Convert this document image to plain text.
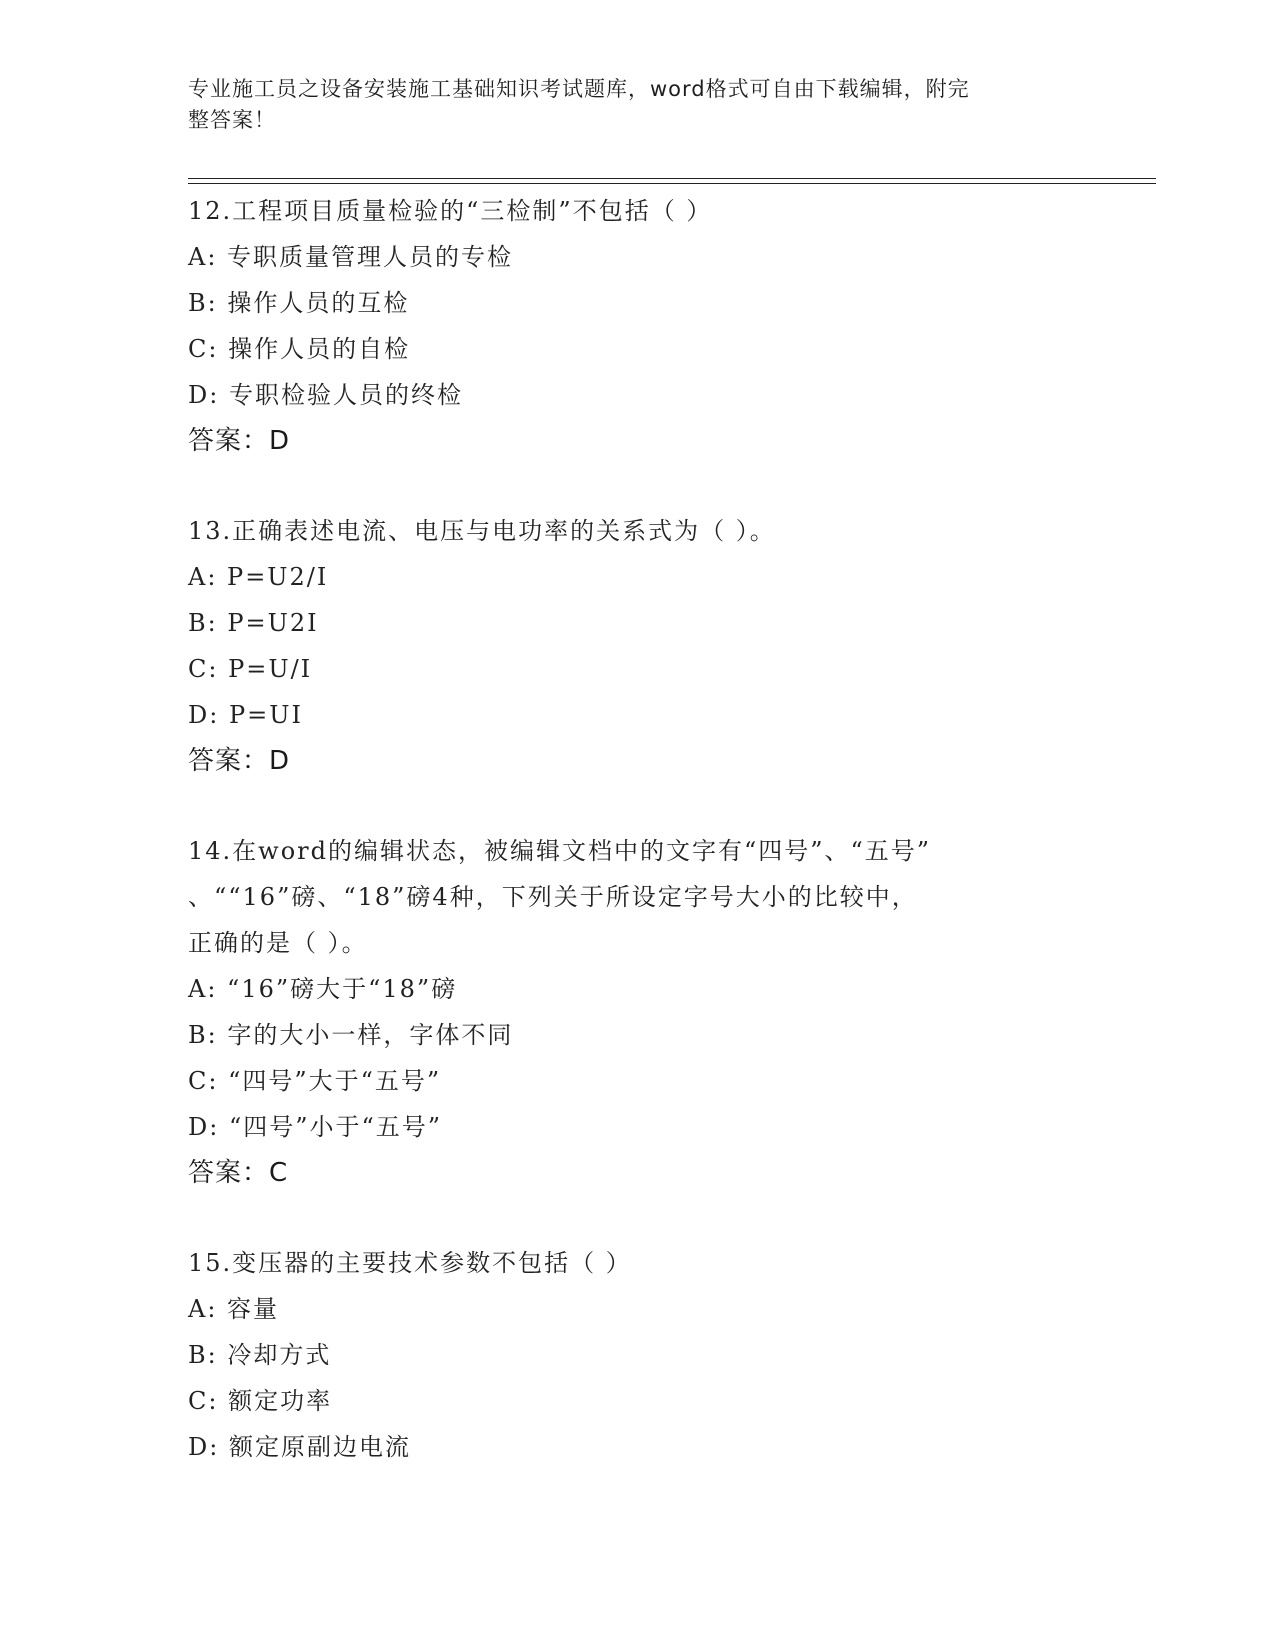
专业施工员之设备安装施工基础知识考试题库，word格式可自由下载编辑，附完
整答案！
12.工程项目质量检验的“三检制”不包括（ ）
A: 专职质量管理人员的专检
B: 操作人员的互检
C: 操作人员的自检
D: 专职检验人员的终检
答案：D
13.正确表述电流、电压与电功率的关系式为（ ）。
A: P=U2/I
B: P=U2I
C: P=U/I
D: P=UI
答案：D
14.在word的编辑状态，被编辑文档中的文字有“四号”、“五号”
、““16”磅、“18”磅4种，下列关于所设定字号大小的比较中，
正确的是（ ）。
A: “16”磅大于“18”磅
B: 字的大小一样，字体不同
C: “四号”大于“五号”
D: “四号”小于“五号”
答案：C
15.变压器的主要技术参数不包括（ ）
A: 容量
B: 冷却方式
C: 额定功率
D: 额定原副边电流
